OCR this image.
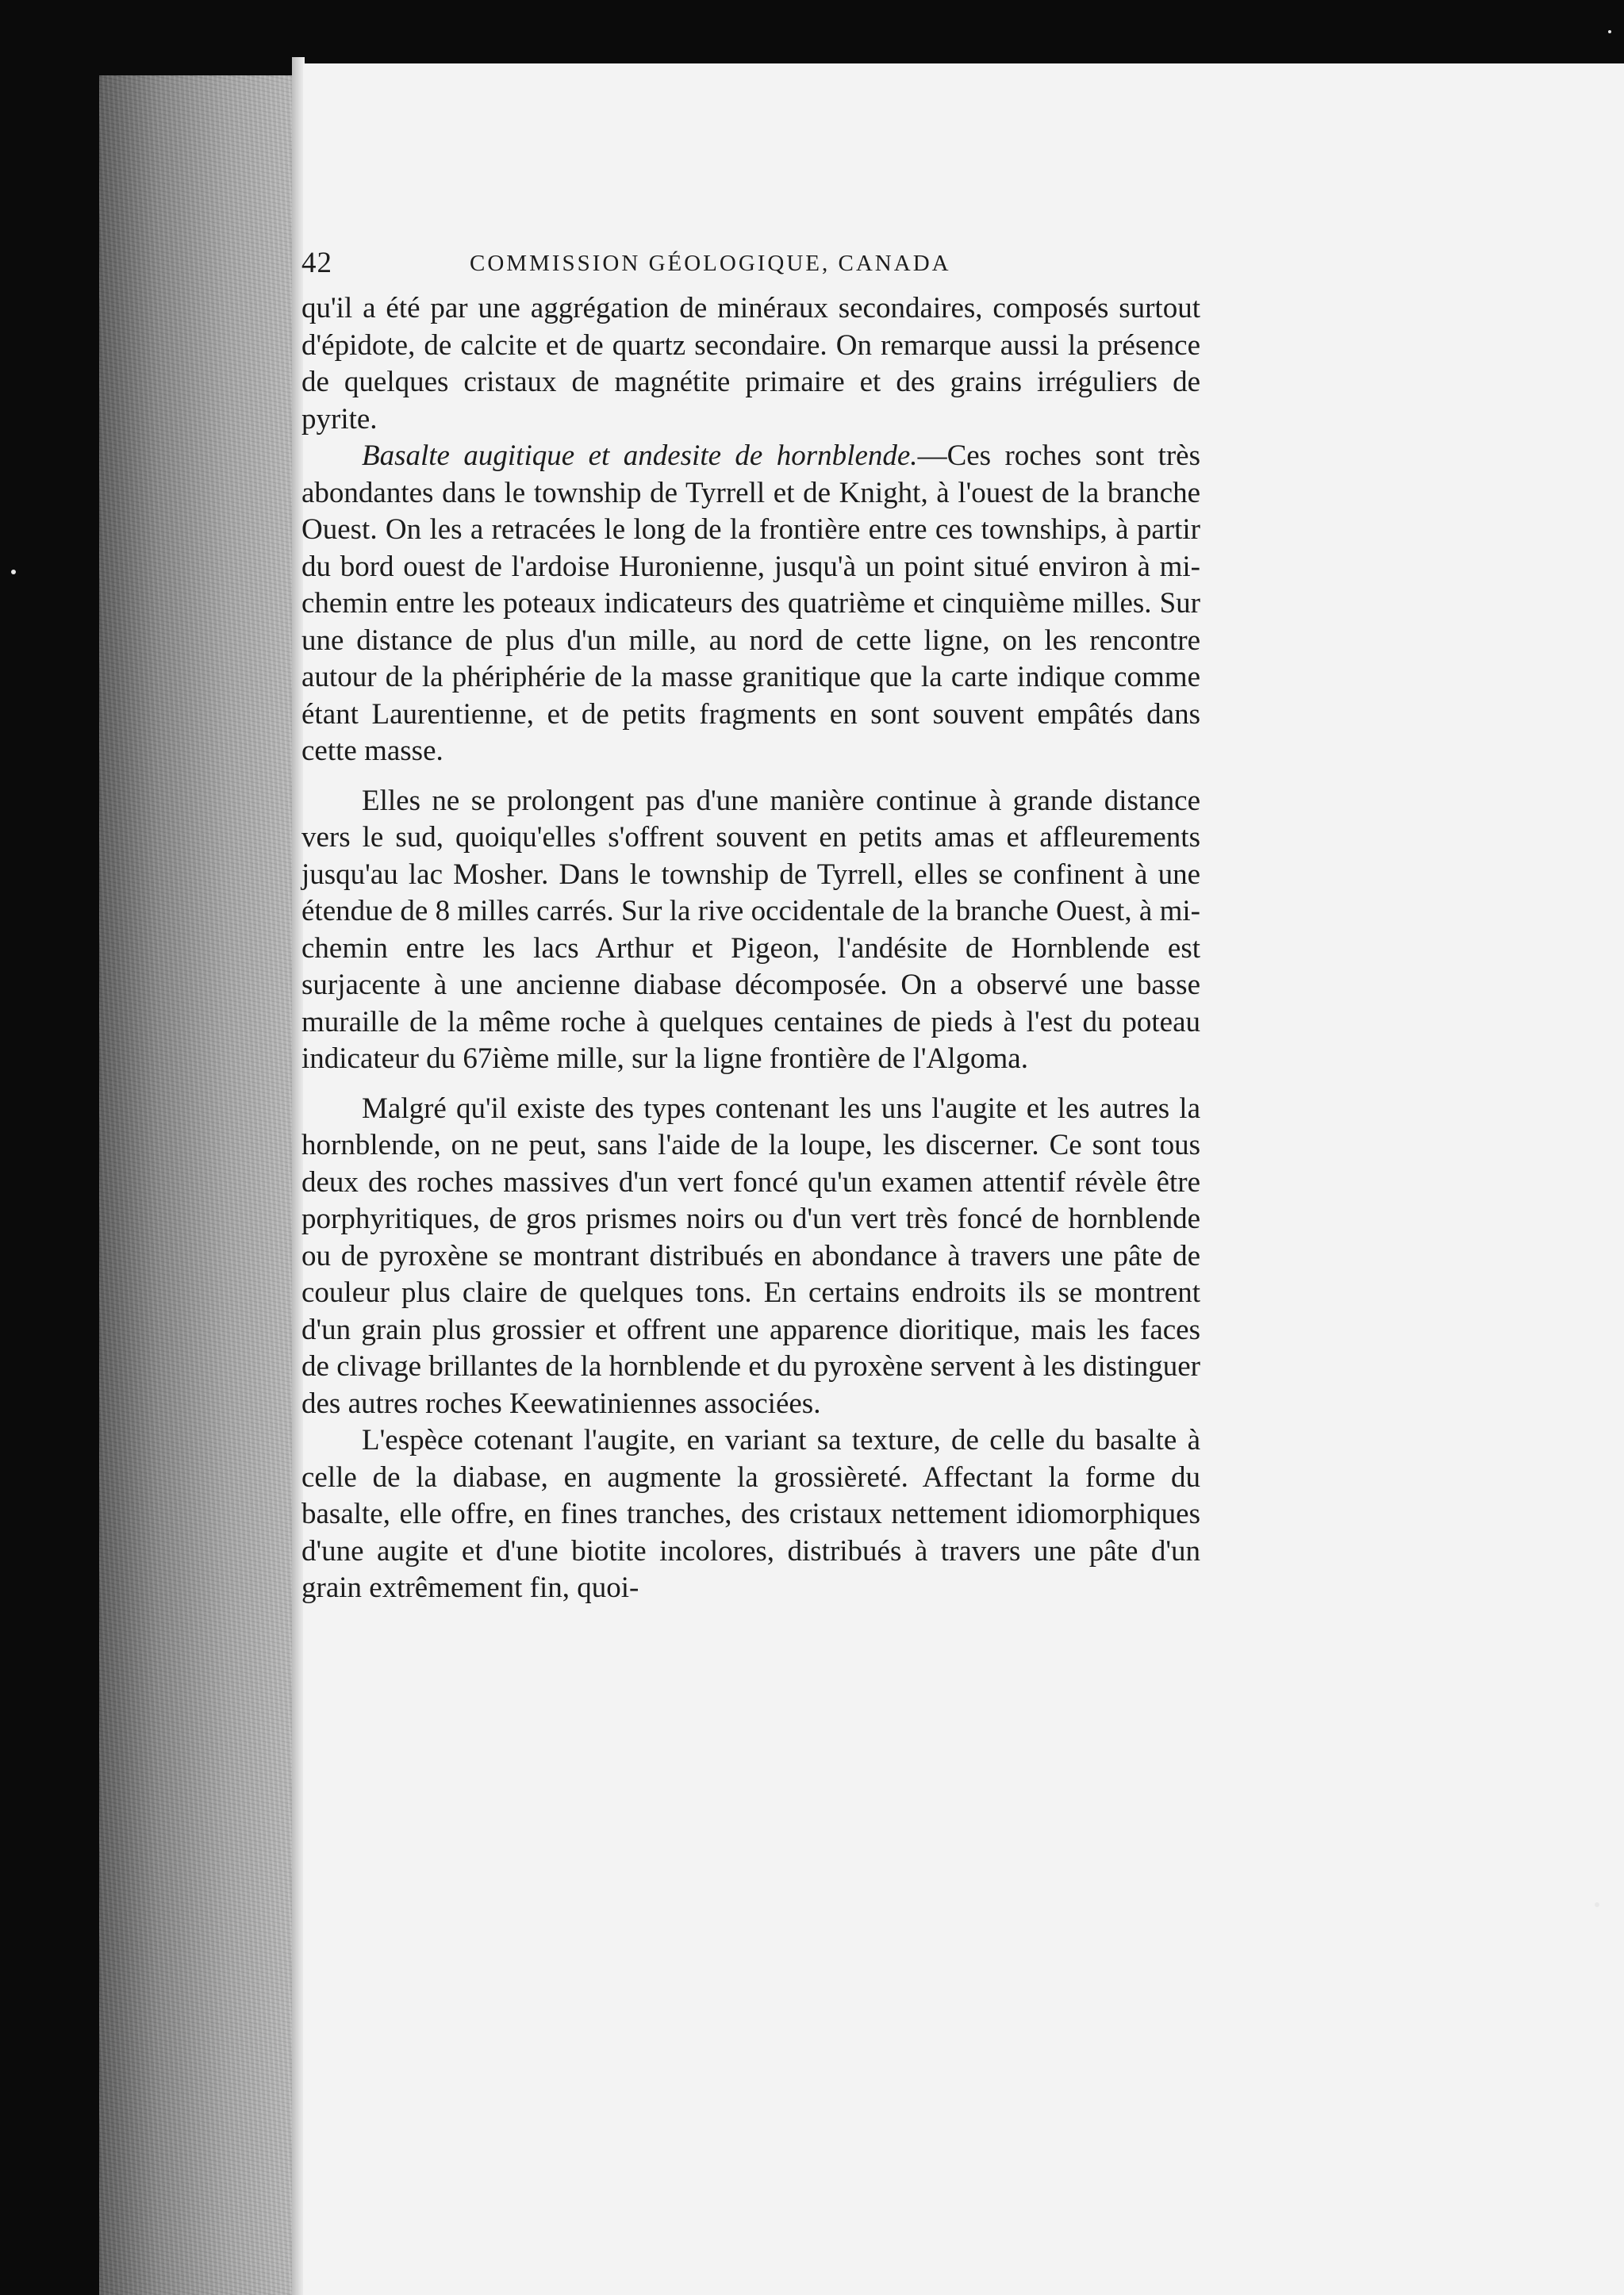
42	COMMISSION GÉOLOGIQUE, CANADA

qu'il a été par une aggrégation de minéraux secondaires, composés surtout d'épidote, de calcite et de quartz secondaire. On remarque aussi la présence de quelques cristaux de magnétite primaire et des grains irréguliers de pyrite.

Basalte augitique et andesite de hornblende.—Ces roches sont très abondantes dans le township de Tyrrell et de Knight, à l'ouest de la branche Ouest. On les a retracées le long de la frontière entre ces townships, à partir du bord ouest de l'ardoise Huronienne, jusqu'à un point situé environ à mi-chemin entre les poteaux indicateurs des quatrième et cinquième milles. Sur une distance de plus d'un mille, au nord de cette ligne, on les rencontre autour de la phériphérie de la masse granitique que la carte indique comme étant Laurentienne, et de petits fragments en sont souvent empâtés dans cette masse.

Elles ne se prolongent pas d'une manière continue à grande distance vers le sud, quoiqu'elles s'offrent souvent en petits amas et affleurements jusqu'au lac Mosher. Dans le township de Tyrrell, elles se confinent à une étendue de 8 milles carrés. Sur la rive occidentale de la branche Ouest, à mi-chemin entre les lacs Arthur et Pigeon, l'andésite de Hornblende est surjacente à une ancienne diabase décomposée. On a observé une basse muraille de la même roche à quelques centaines de pieds à l'est du poteau indicateur du 67ième mille, sur la ligne frontière de l'Algoma.

Malgré qu'il existe des types contenant les uns l'augite et les autres la hornblende, on ne peut, sans l'aide de la loupe, les discerner. Ce sont tous deux des roches massives d'un vert foncé qu'un examen attentif révèle être porphyritiques, de gros prismes noirs ou d'un vert très foncé de hornblende ou de pyroxène se montrant distribués en abondance à travers une pâte de couleur plus claire de quelques tons. En certains endroits ils se montrent d'un grain plus grossier et offrent une apparence dioritique, mais les faces de clivage brillantes de la hornblende et du pyroxène servent à les distinguer des autres roches Keewatiniennes associées.

L'espèce cotenant l'augite, en variant sa texture, de celle du basalte à celle de la diabase, en augmente la grossièreté. Affectant la forme du basalte, elle offre, en fines tranches, des cristaux nettement idiomorphiques d'une augite et d'une biotite incolores, distribués à travers une pâte d'un grain extrêmement fin, quoi-
